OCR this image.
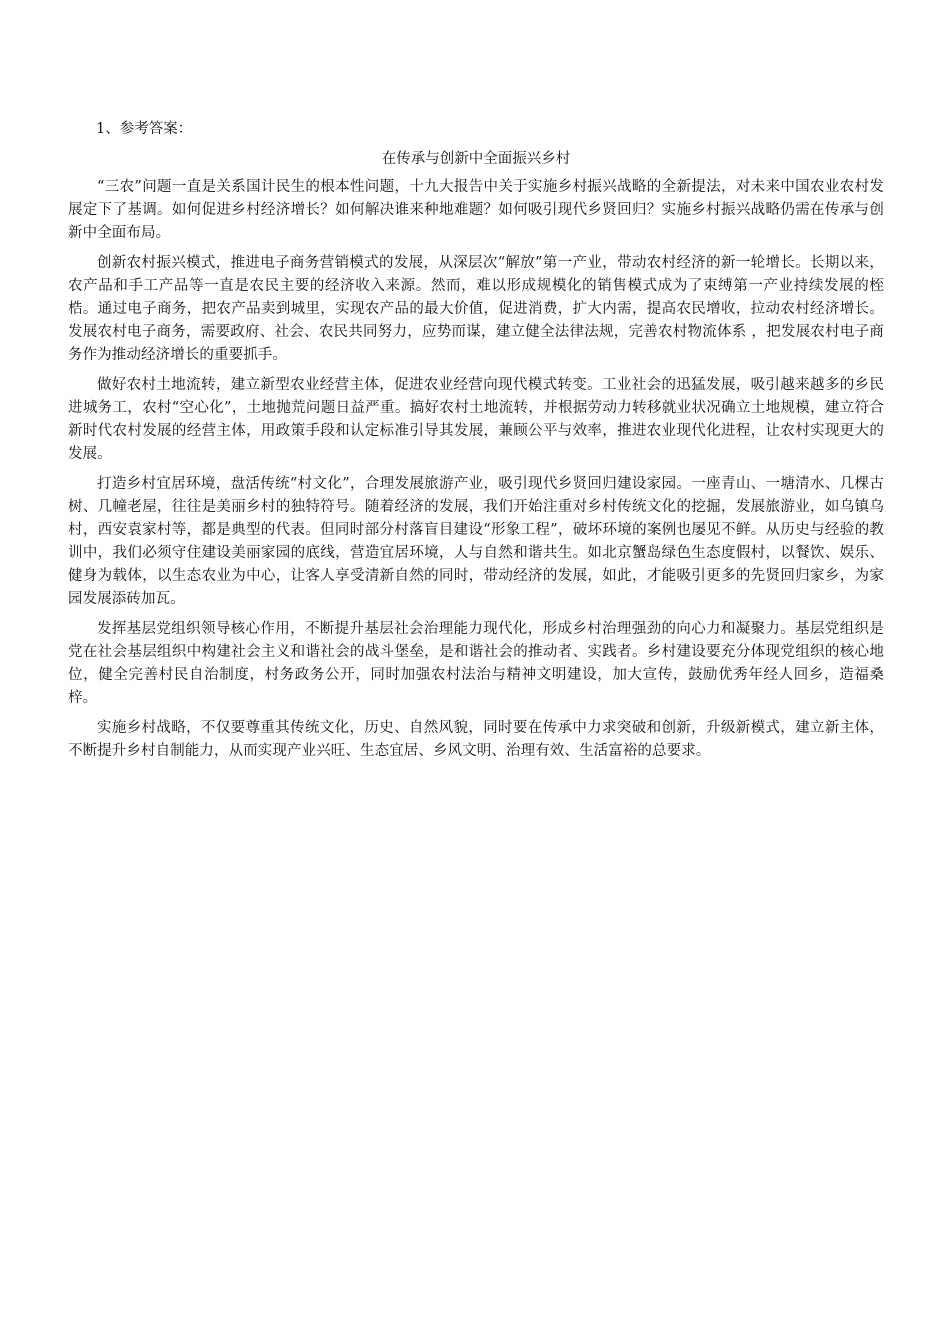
1、参考答案：
在传承与创新中全面振兴乡村

“三农”问题一直是关系国计民生的根本性问题，十九大报告中关于实施乡村振兴战略的全新提法，对未来中国农业农村发展定下了基调。如何促进乡村经济增长？如何解决谁来种地难题？如何吸引现代乡贤回归？实施乡村振兴战略仍需在传承与创新中全面布局。

创新农村振兴模式，推进电子商务营销模式的发展，从深层次“解放”第一产业，带动农村经济的新一轮增长。长期以来，农产品和手工产品等一直是农民主要的经济收入来源。然而，难以形成规模化的销售模式成为了束缚第一产业持续发展的桎梏。通过电子商务，把农产品卖到城里，实现农产品的最大价值，促进消费，扩大内需，提高农民增收，拉动农村经济增长。发展农村电子商务，需要政府、社会、农民共同努力，应势而谋，建立健全法律法规，完善农村物流体系 ，把发展农村电子商务作为推动经济增长的重要抓手。

做好农村土地流转，建立新型农业经营主体，促进农业经营向现代模式转变。工业社会的迅猛发展，吸引越来越多的乡民进城务工，农村“空心化”，土地抛荒问题日益严重。搞好农村土地流转，并根据劳动力转移就业状况确立土地规模，建立符合新时代农村发展的经营主体，用政策手段和认定标准引导其发展，兼顾公平与效率，推进农业现代化进程，让农村实现更大的发展。

打造乡村宜居环境，盘活传统“村文化”，合理发展旅游产业，吸引现代乡贤回归建设家园。一座青山、一塘清水、几棵古树、几幢老屋，往往是美丽乡村的独特符号。随着经济的发展，我们开始注重对乡村传统文化的挖掘，发展旅游业，如乌镇乌村，西安袁家村等，都是典型的代表。但同时部分村落盲目建设“形象工程”，破坏环境的案例也屡见不鲜。从历史与经验的教训中，我们必须守住建设美丽家园的底线，营造宜居环境，人与自然和谐共生。如北京蟹岛绿色生态度假村，以餐饮、娱乐、健身为载体，以生态农业为中心，让客人享受清新自然的同时，带动经济的发展，如此，才能吸引更多的先贤回归家乡，为家园发展添砖加瓦。

发挥基层党组织领导核心作用，不断提升基层社会治理能力现代化，形成乡村治理强劲的向心力和凝聚力。基层党组织是党在社会基层组织中构建社会主义和谐社会的战斗堡垒，是和谐社会的推动者、实践者。乡村建设要充分体现党组织的核心地位，健全完善村民自治制度，村务政务公开，同时加强农村法治与精神文明建设，加大宣传，鼓励优秀年经人回乡，造福桑梓。

实施乡村战略，不仅要尊重其传统文化，历史、自然风貌，同时要在传承中力求突破和创新，升级新模式，建立新主体，不断提升乡村自制能力，从而实现产业兴旺、生态宜居、乡风文明、治理有效、生活富裕的总要求。
